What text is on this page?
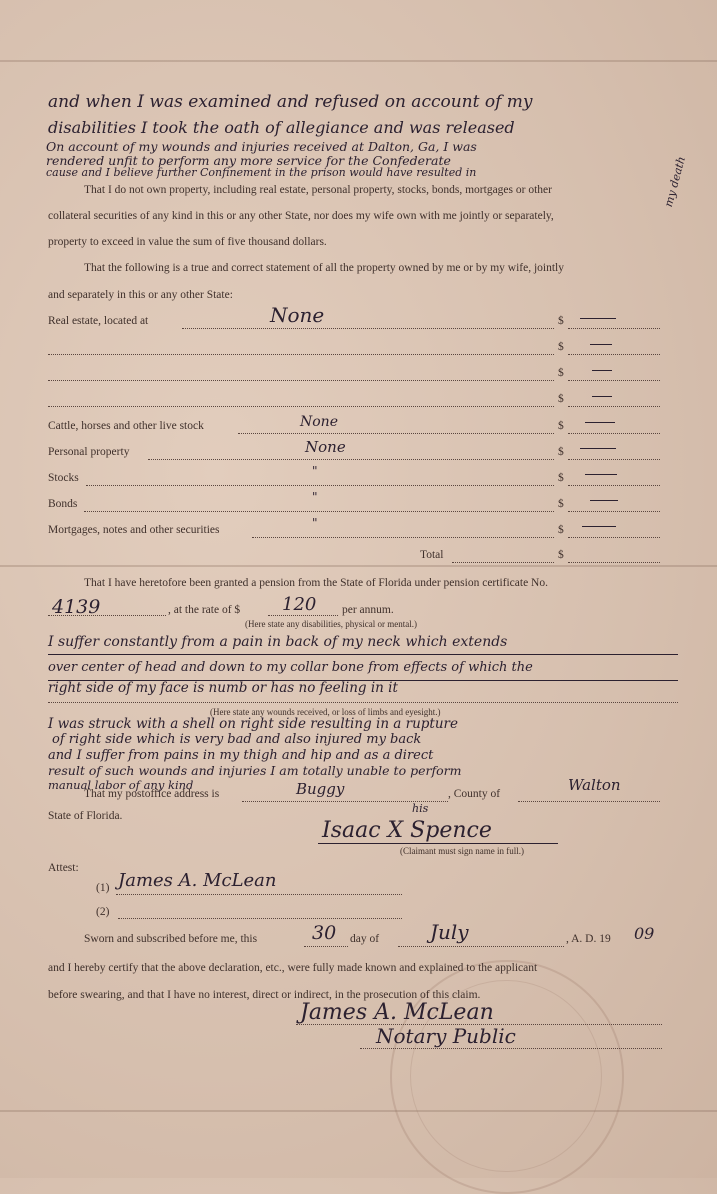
and when I was examined and refused on account of my
disabilities I took the oath of allegiance and was released
On account of my wounds and injuries received at Dalton, Ga, I was
rendered unfit to perform any more service for the Confederate
cause and I believe further Confinement in the prison would have resulted in	my death
That I do not own property, including real estate, personal property, stocks, bonds, mortgages or other
collateral securities of any kind in this or any other State, nor does my wife own with me jointly or separately,
property to exceed in value the sum of five thousand dollars.
That the following is a true and correct statement of all the property owned by me or by my wife, jointly
and separately in this or any other State:
Real estate, located at	None	$
$
$
$
Cattle, horses and other live stock	None	$
Personal property	None	$
Stocks	"	$
Bonds	"	$
Mortgages, notes and other securities	"	$
Total	$
That I have heretofore been granted a pension from the State of Florida under pension certificate No.
4139	, at the rate of $ 120 per annum.
(Here state any disabilities, physical or mental.)
I suffer constantly from a pain in back of my neck which extends
over center of head and down to my collar bone from effects of which the
right side of my face is numb or has no feeling in it
(Here state any wounds received, or loss of limbs and eyesight.)
I was struck with a shell on right side resulting in a rupture
of right side which is very bad and also injured my back
and I suffer from pains in my thigh and hip and as a direct
result of such wounds and injuries I am totally unable to perform
manual labor of any kind
That my postoffice address is	Buggy	, County of	Walton
State of Florida.
his
Isaac X Spence
(Claimant must sign name in full.)
Attest:
(1) James A. McLean
(2)
Sworn and subscribed before me, this	30 day of	July	, A. D. 19 09
and I hereby certify that the above declaration, etc., were fully made known and explained to the applicant
before swearing, and that I have no interest, direct or indirect, in the prosecution of this claim.
James A. McLean
Notary Public
